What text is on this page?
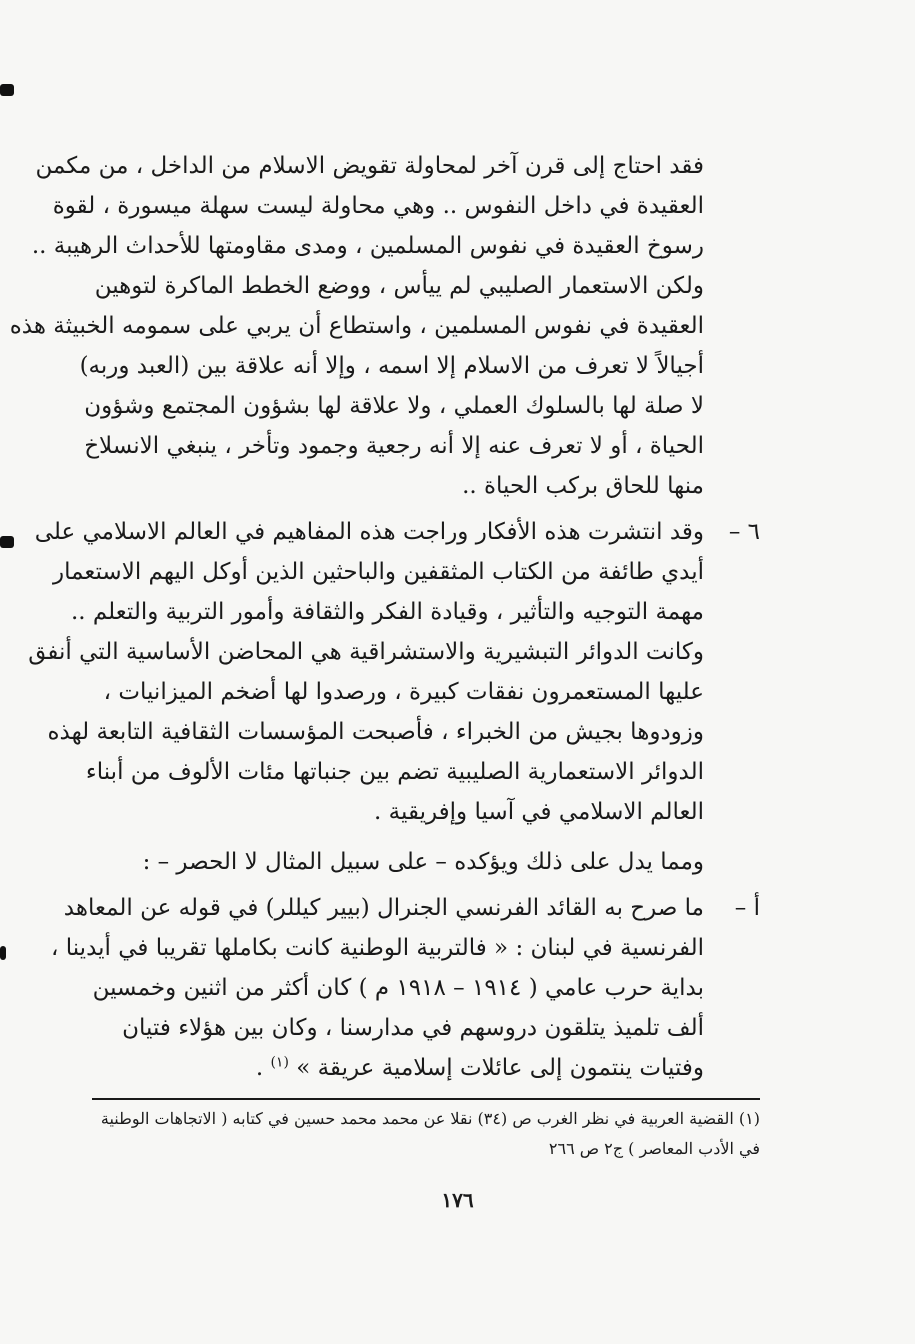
فقد احتاج إلى قرن آخر لمحاولة تقويض الاسلام من الداخل ، من مكمن
العقيدة في داخل النفوس .. وهي محاولة ليست سهلة ميسورة ، لقوة
رسوخ العقيدة في نفوس المسلمين ، ومدى مقاومتها للأحداث الرهيبة ..
ولكن الاستعمار الصليبي لم ييأس ، ووضع الخطط الماكرة لتوهين
العقيدة في نفوس المسلمين ، واستطاع أن يربي على سمومه الخبيثة هذه
أجيالاً لا تعرف من الاسلام إلا اسمه ، وإلا أنه علاقة بين (العبد وربه)
لا صلة لها بالسلوك العملي ، ولا علاقة لها بشؤون المجتمع وشؤون
الحياة ، أو لا تعرف عنه إلا أنه رجعية وجمود وتأخر ، ينبغي الانسلاخ
منها للحاق بركب الحياة ..
٦ –وقد انتشرت هذه الأفكار وراجت هذه المفاهيم في العالم الاسلامي على
أيدي طائفة من الكتاب المثقفين والباحثين الذين أوكل اليهم الاستعمار
مهمة التوجيه والتأثير ، وقيادة الفكر والثقافة وأمور التربية والتعلم ..
وكانت الدوائر التبشيرية والاستشراقية هي المحاضن الأساسية التي أنفق
عليها المستعمرون نفقات كبيرة ، ورصدوا لها أضخم الميزانيات ،
وزودوها بجيش من الخبراء ، فأصبحت المؤسسات الثقافية التابعة لهذه
الدوائر الاستعمارية الصليبية تضم بين جنباتها مئات الألوف من أبناء
العالم الاسلامي في آسيا وإفريقية .
ومما يدل على ذلك ويؤكده – على سبيل المثال لا الحصر – :
أ –ما صرح به القائد الفرنسي الجنرال (بيير كيللر) في قوله عن المعاهد
الفرنسية في لبنان : « فالتربية الوطنية كانت بكاملها تقريبا في أيدينا ،
بداية حرب عامي ( ١٩١٤ – ١٩١٨ م ) كان أكثر من اثنين وخمسين
ألف تلميذ يتلقون دروسهم في مدارسنا ، وكان بين هؤلاء فتيان
وفتيات ينتمون إلى عائلات إسلامية عريقة » $^{(١)}$ .
(١) القضية العربية في نظر الغرب ص (٣٤) نقلا عن محمد محمد حسين في كتابه ( الاتجاهات الوطنية
في الأدب المعاصر ) ج٢ ص ٢٦٦
١٧٦
